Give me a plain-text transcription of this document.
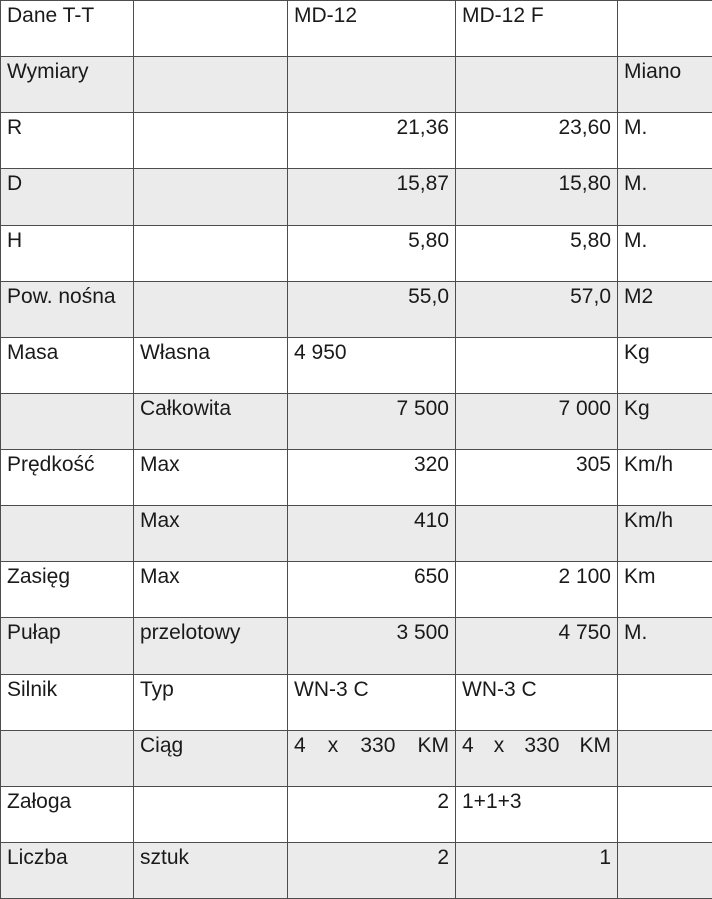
Dane T-T		MD-12	MD-12 F	
Wymiary				Miano
R		21,36	23,60	M.
D		15,87	15,80	M.
H		5,80	5,80	M.
Pow. nośna		55,0	57,0	M2
Masa	Własna	4 950		Kg
	Całkowita	7 500	7 000	Kg
Prędkość	Max	320	305	Km/h
	Max	410		Km/h
Zasięg	Max	650	2 100	Km
Pułap	przelotowy	3 500	4 750	M.
Silnik	Typ	WN-3 C	WN-3 C	
	Ciąg	4 x 330 KM	4 x 330 KM	
Załoga		2	1+1+3	
Liczba	sztuk	2	1	
